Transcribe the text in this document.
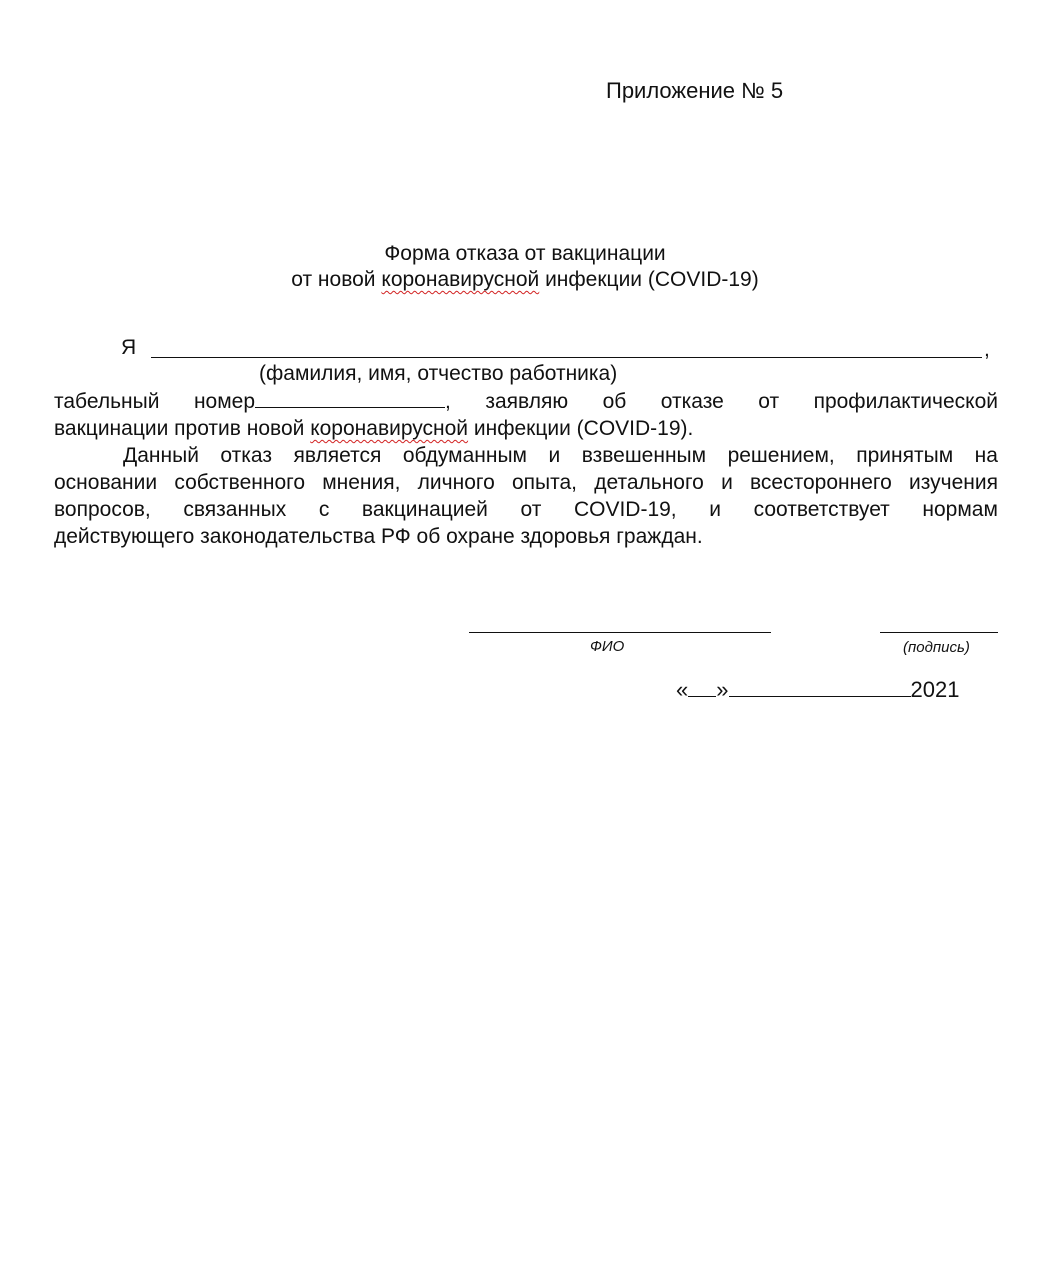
Приложение № 5
Форма отказа от вакцинации
от новой коронавирусной инфекции (COVID-19)
Я	,
(фамилия, имя, отчество работника)
табельный номер	, заявляю об отказе от профилактической
вакцинации против новой коронавирусной инфекции (COVID-19).
Данный отказ является обдуманным и взвешенным решением, принятым на
основании собственного мнения, личного опыта, детального и всестороннего изучения
вопросов, связанных с вакцинацией от COVID-19, и соответствует нормам
действующего законодательства РФ об охране здоровья граждан.
ФИО	(подпись)
« »	2021
